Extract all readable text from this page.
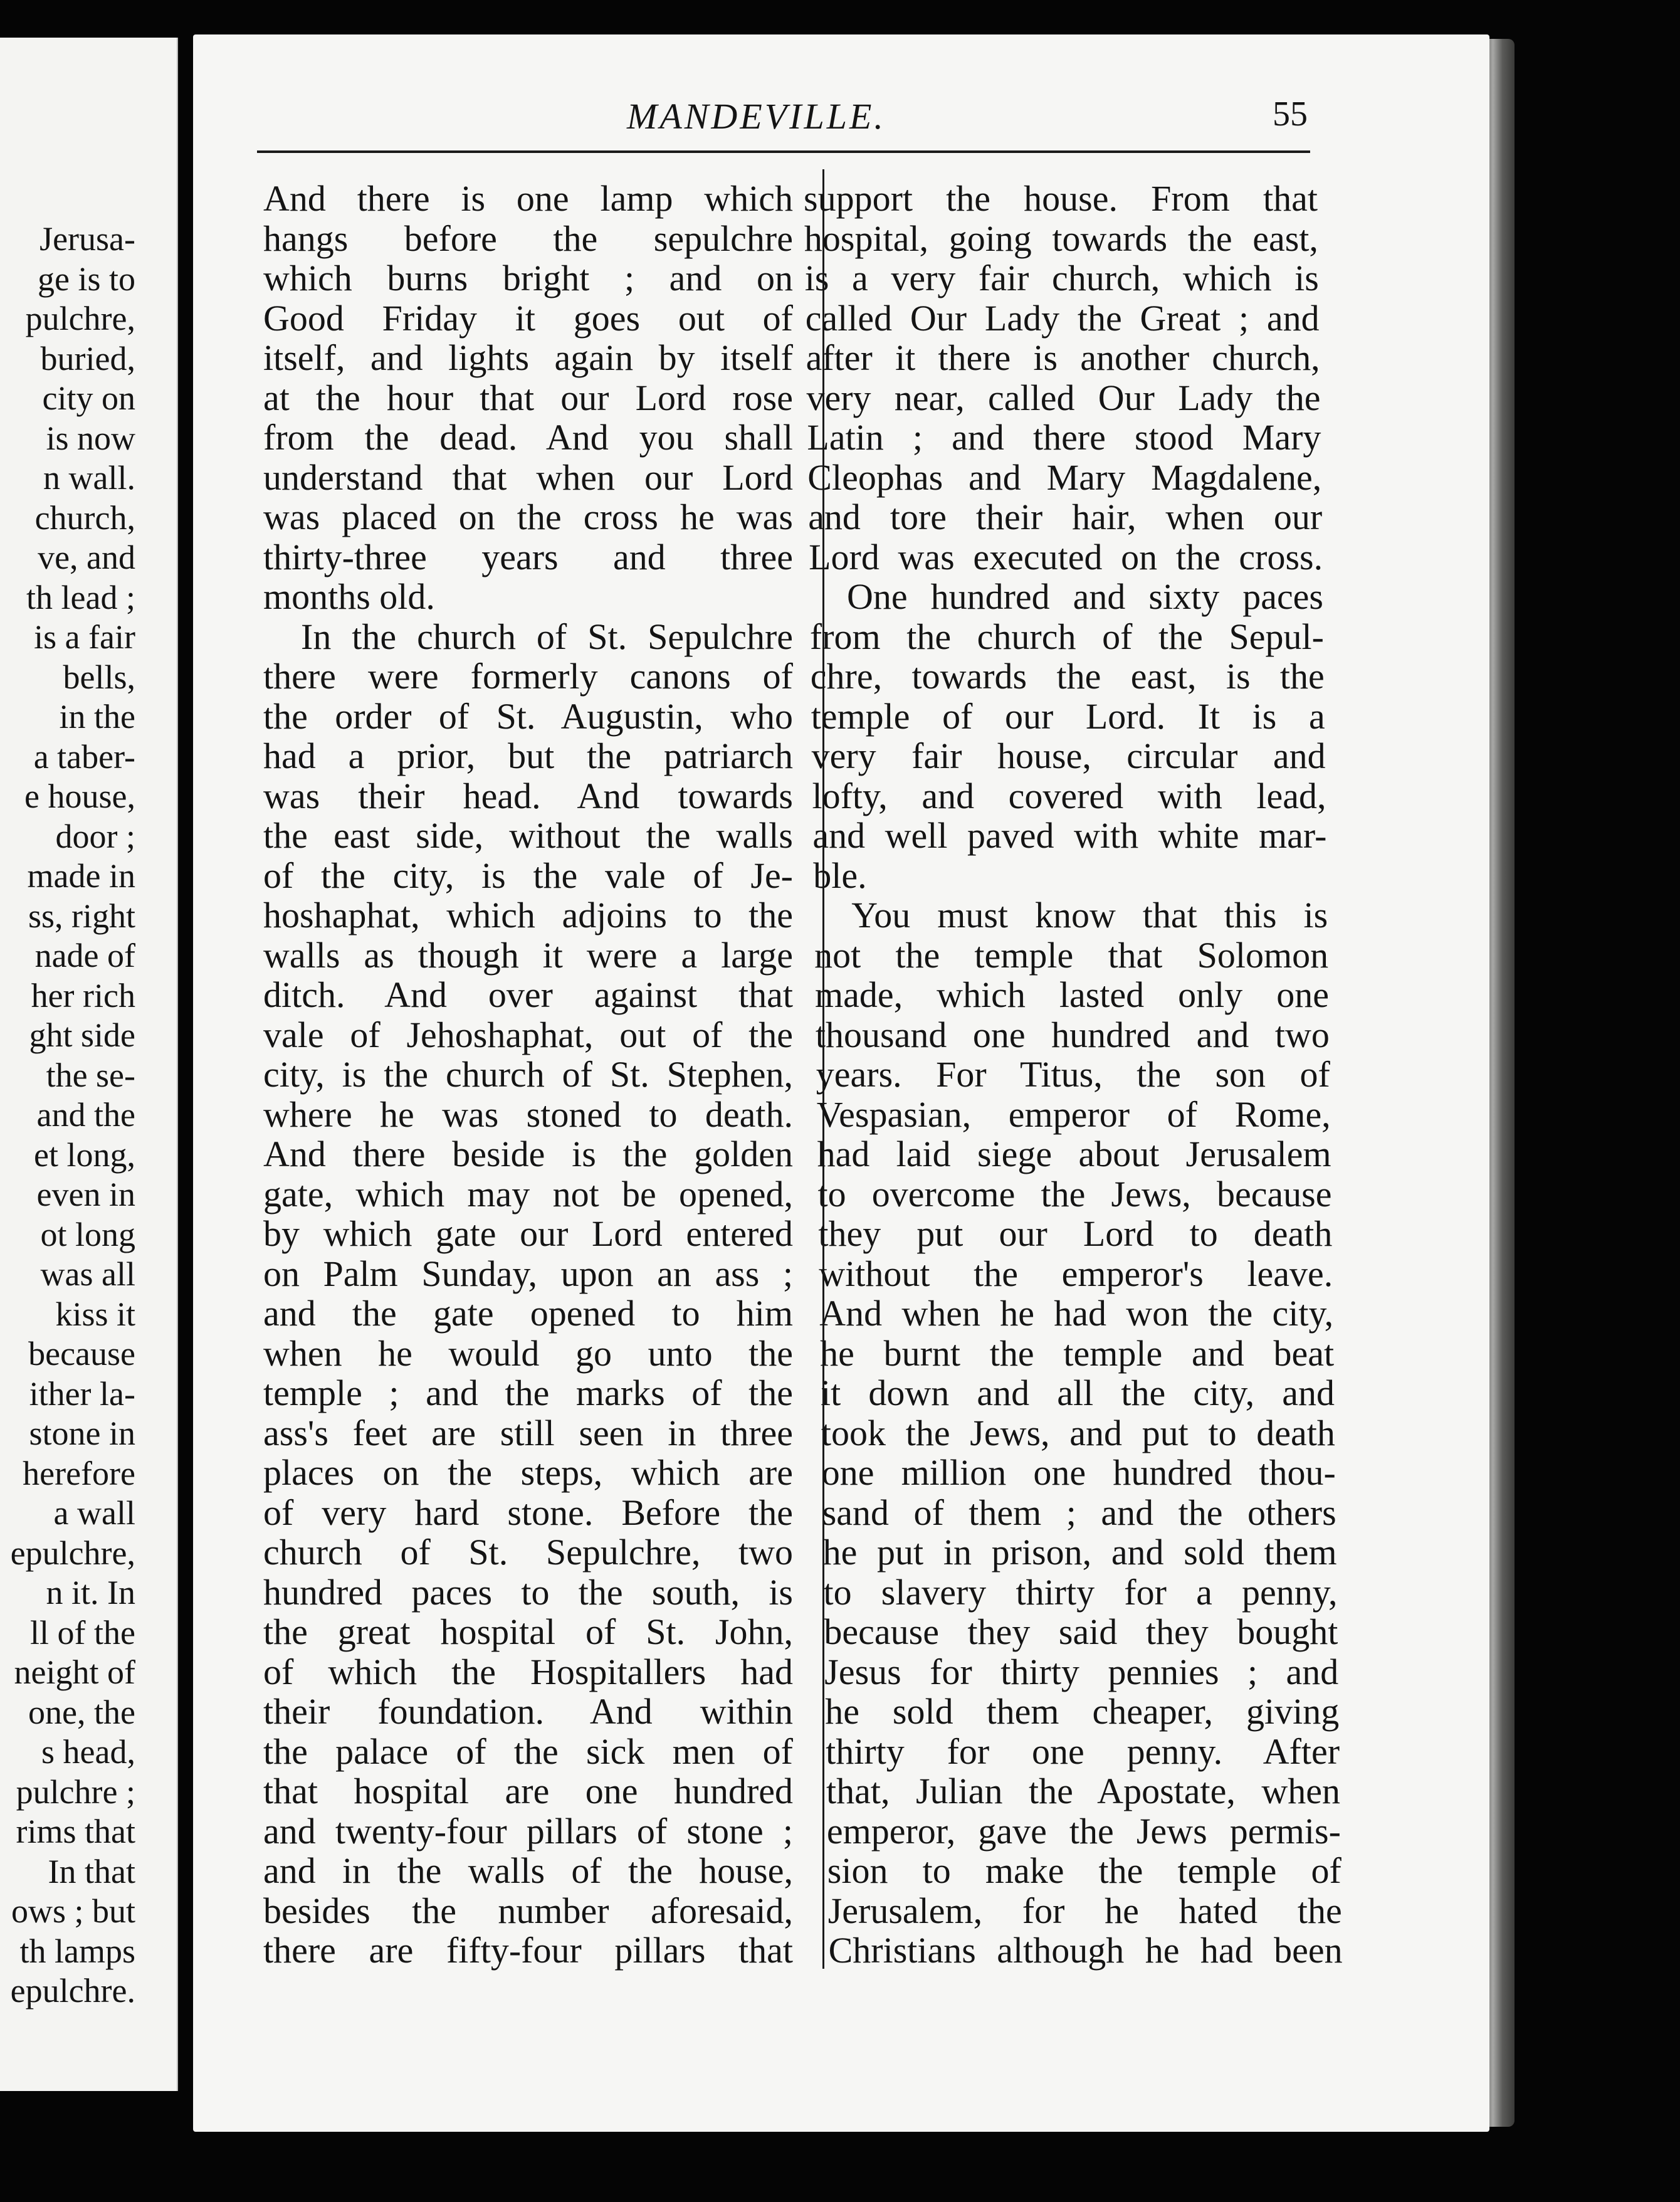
Jerusa-
ge is to
pulchre,
buried,
city on
is now
n wall.
church,
ve, and
th lead ;
is a fair
bells,
in the
a taber-
e house,
door ;
made in
ss, right
nade of
her rich
ght side
the se-
and the
et long,
even in
ot long
was all
kiss it
because
ither la-
stone in
herefore
a wall
epulchre,
n it. In
ll of the
neight of
one, the
s head,
pulchre ;
rims that
In that
ows ; but
th lamps
epulchre.
MANDEVILLE.	55
And there is one lamp which
hangs before the sepulchre
which burns bright ; and on
Good Friday it goes out of
itself, and lights again by itself
at the hour that our Lord rose
from the dead. And you shall
understand that when our Lord
was placed on the cross he was
thirty-three years and three
months old.
In the church of St. Sepulchre
there were formerly canons of
the order of St. Augustin, who
had a prior, but the patriarch
was their head. And towards
the east side, without the walls
of the city, is the vale of Je-
hoshaphat, which adjoins to the
walls as though it were a large
ditch. And over against that
vale of Jehoshaphat, out of the
city, is the church of St. Stephen,
where he was stoned to death.
And there beside is the golden
gate, which may not be opened,
by which gate our Lord entered
on Palm Sunday, upon an ass ;
and the gate opened to him
when he would go unto the
temple ; and the marks of the
ass's feet are still seen in three
places on the steps, which are
of very hard stone. Before the
church of St. Sepulchre, two
hundred paces to the south, is
the great hospital of St. John,
of which the Hospitallers had
their foundation. And within
the palace of the sick men of
that hospital are one hundred
and twenty-four pillars of stone ;
and in the walls of the house,
besides the number aforesaid,
there are fifty-four pillars that
support the house. From that
hospital, going towards the east,
is a very fair church, which is
called Our Lady the Great ; and
after it there is another church,
very near, called Our Lady the
Latin ; and there stood Mary
Cleophas and Mary Magdalene,
and tore their hair, when our
Lord was executed on the cross.
One hundred and sixty paces
from the church of the Sepul-
chre, towards the east, is the
temple of our Lord. It is a
very fair house, circular and
lofty, and covered with lead,
and well paved with white mar-
ble.
You must know that this is
not the temple that Solomon
made, which lasted only one
thousand one hundred and two
years. For Titus, the son of
Vespasian, emperor of Rome,
had laid siege about Jerusalem
to overcome the Jews, because
they put our Lord to death
without the emperor's leave.
And when he had won the city,
he burnt the temple and beat
it down and all the city, and
took the Jews, and put to death
one million one hundred thou-
sand of them ; and the others
he put in prison, and sold them
to slavery thirty for a penny,
because they said they bought
Jesus for thirty pennies ; and
he sold them cheaper, giving
thirty for one penny. After
that, Julian the Apostate, when
emperor, gave the Jews permis-
sion to make the temple of
Jerusalem, for he hated the
Christians although he had been
